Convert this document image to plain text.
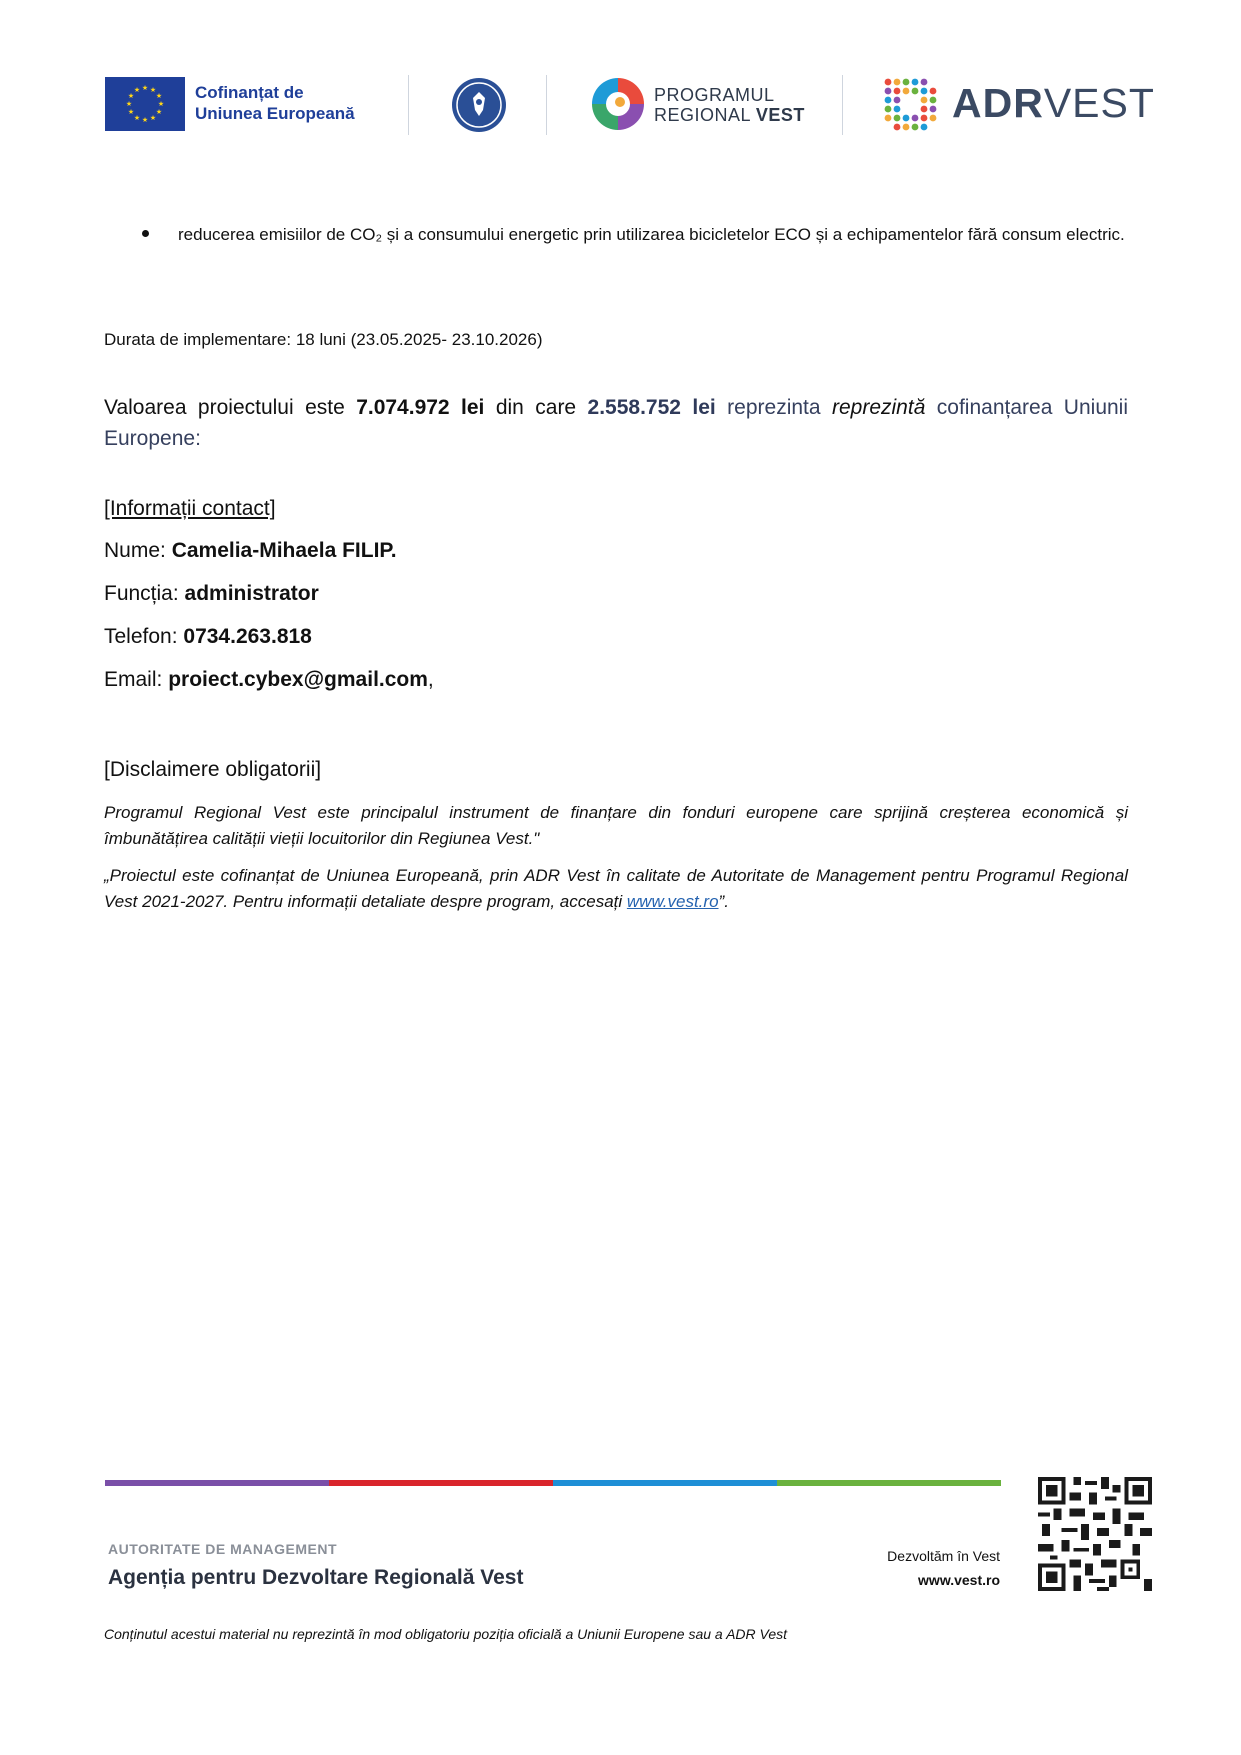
★ ★
★
★
★
★
★
★
★
★
★
★	Cofinanțat de
Uniunea Europeană
PROGRAMUL
REGIONAL VEST	ADRVEST
reducerea emisiilor de CO₂ și a consumului energetic prin utilizarea bicicletelor ECO și a echipamentelor fără consum electric.
Durata de implementare: 18 luni (23.05.2025- 23.10.2026)
Valoarea proiectului este 7.074.972 lei din care 2.558.752 lei reprezinta reprezintă cofinanțarea Uniunii Europene:
[Informații contact]
Nume: Camelia-Mihaela FILIP.
Funcția: administrator
Telefon: 0734.263.818
Email: proiect.cybex@gmail.com,
[Disclaimere obligatorii]
Programul Regional Vest este principalul instrument de finanțare din fonduri europene care sprijină creșterea economică și îmbunătățirea calității vieții locuitorilor din Regiunea Vest."
„Proiectul este cofinanțat de Uniunea Europeană, prin ADR Vest în calitate de Autoritate de Management pentru Programul Regional Vest 2021-2027. Pentru informații detaliate despre program, accesați www.vest.ro”.
AUTORITATE DE MANAGEMENT
Agenția pentru Dezvoltare Regională Vest
Dezvoltăm în Vest
www.vest.ro
Conținutul acestui material nu reprezintă în mod obligatoriu poziția oficială a Uniunii Europene sau a ADR Vest
